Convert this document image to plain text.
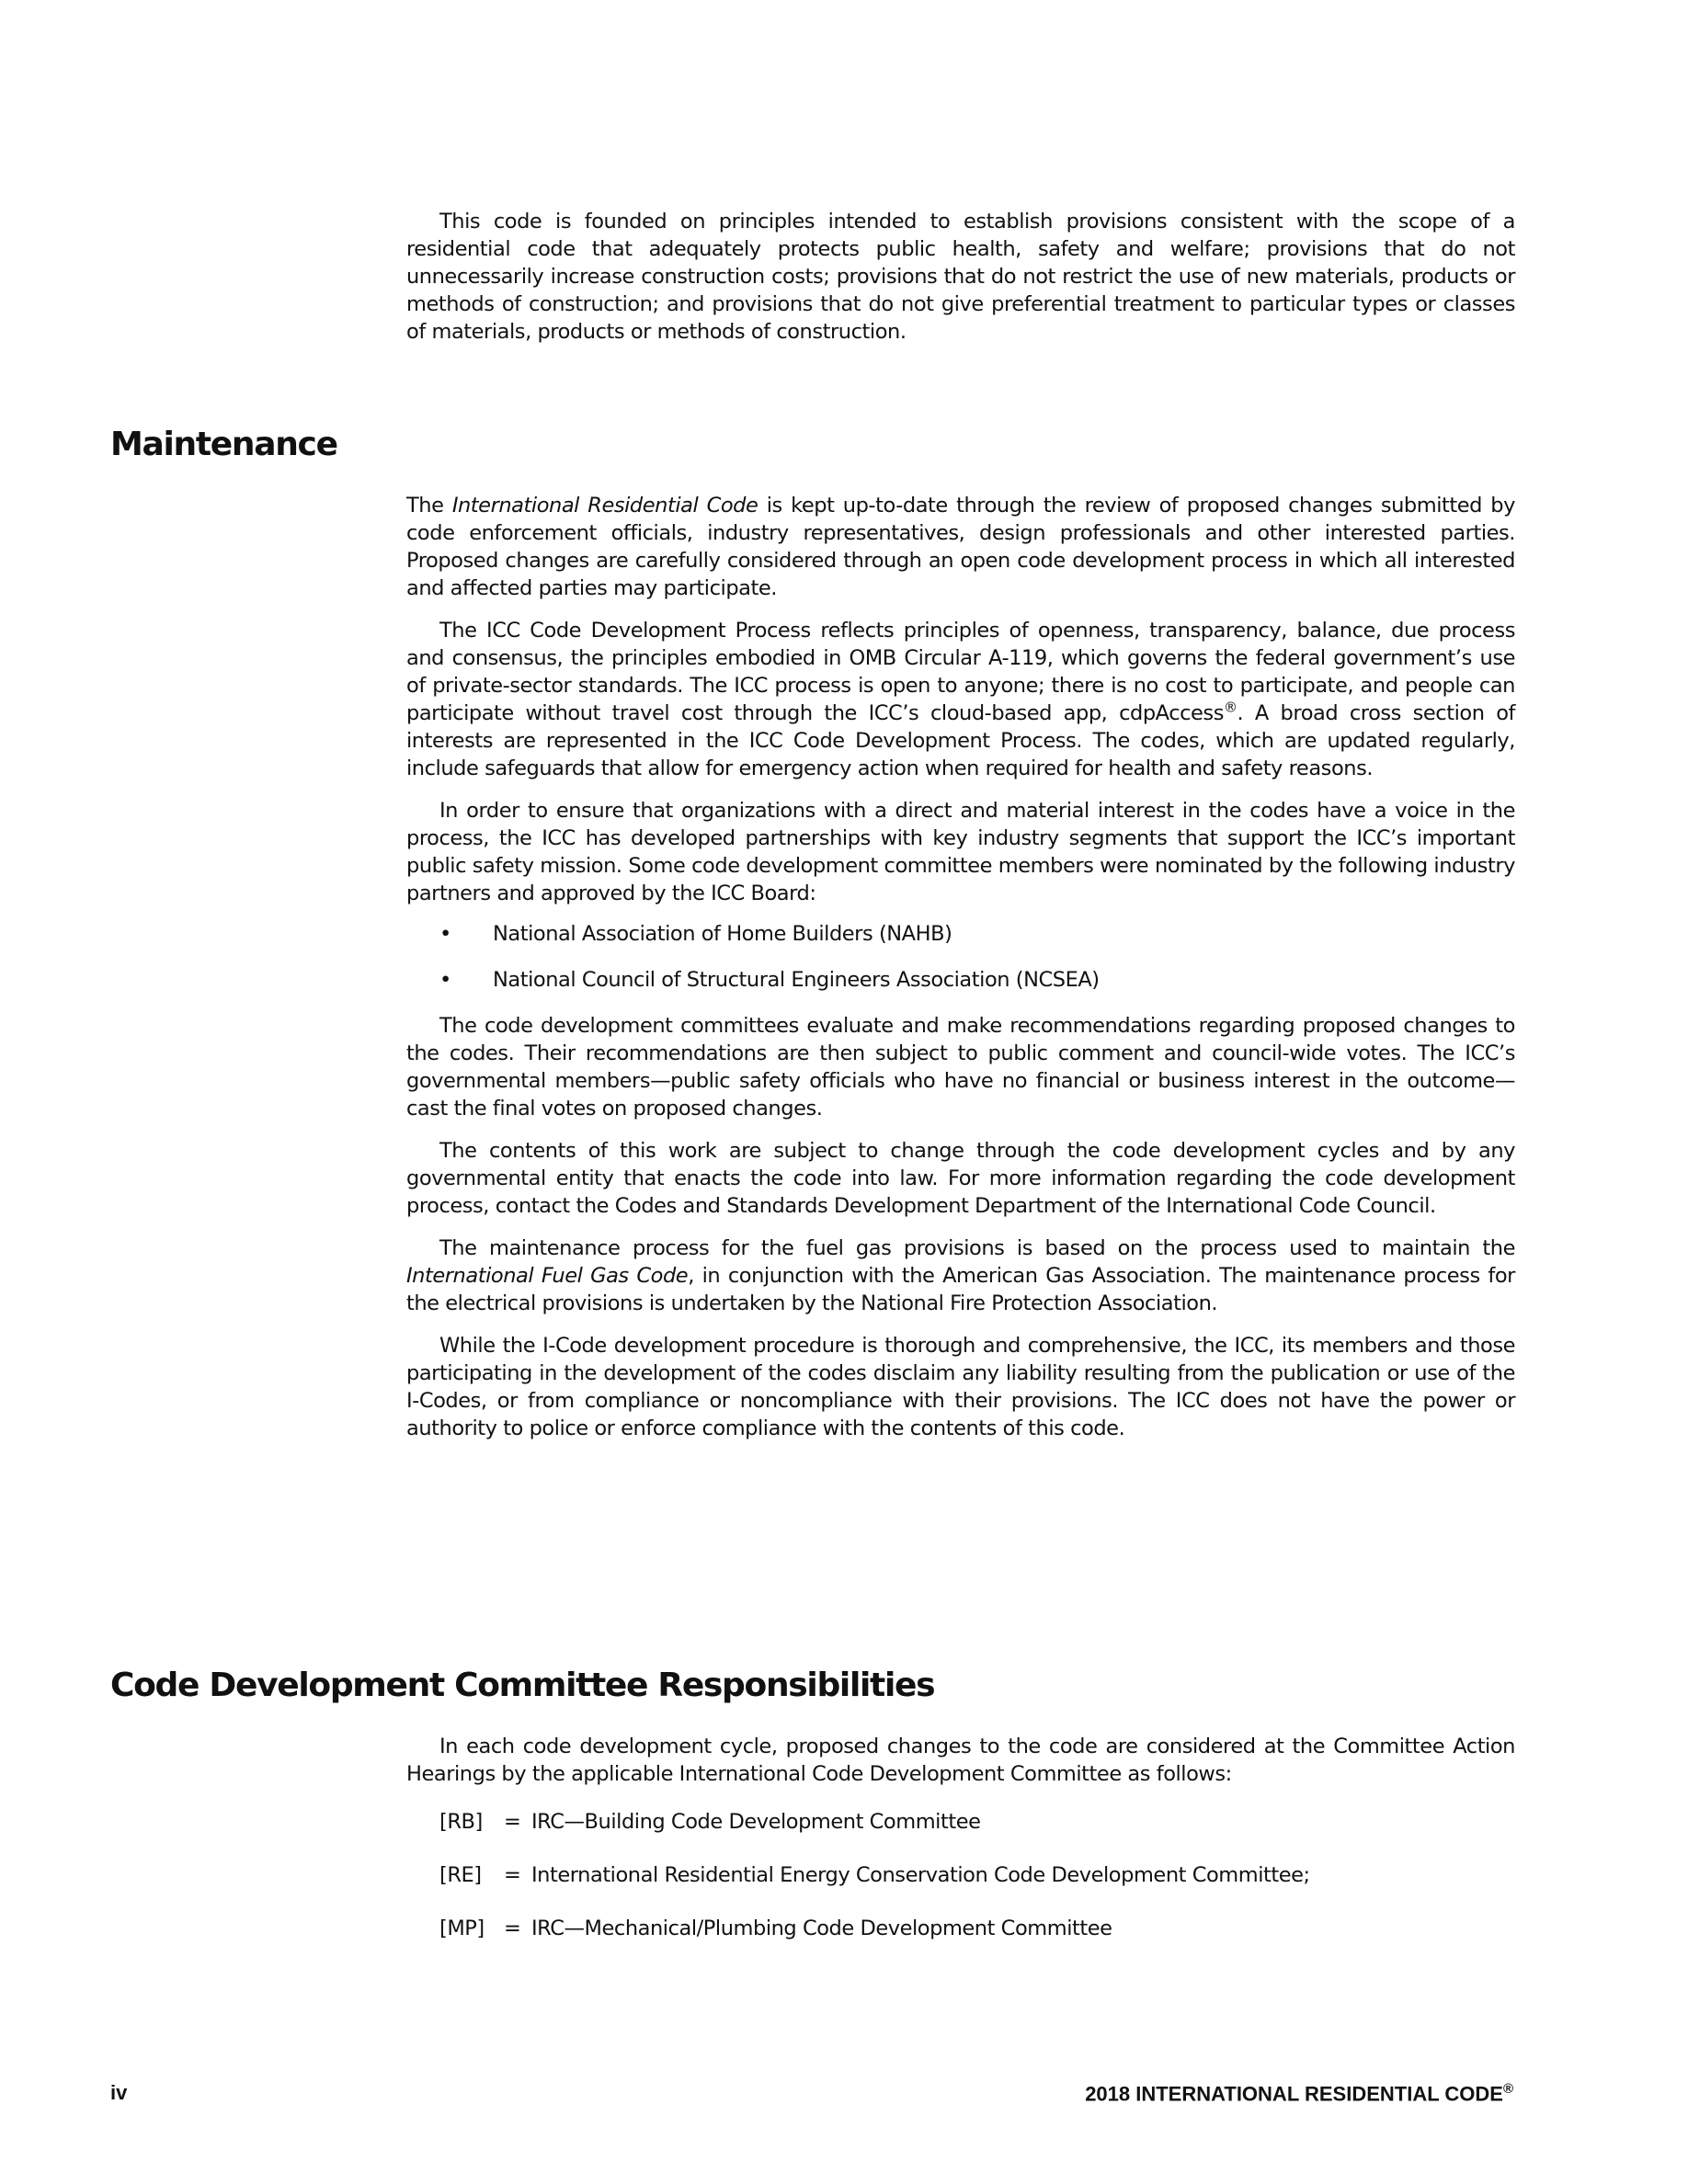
This code is founded on principles intended to establish provisions consistent with the scope of a residential code that adequately protects public health, safety and welfare; provisions that do not unnecessarily increase construction costs; provisions that do not restrict the use of new materials, products or methods of construction; and provisions that do not give preferential treatment to particular types or classes of materials, products or methods of construction.

Maintenance

The International Residential Code is kept up-to-date through the review of proposed changes submitted by code enforcement officials, industry representatives, design professionals and other interested parties. Proposed changes are carefully considered through an open code development process in which all interested and affected parties may participate.

The ICC Code Development Process reflects principles of openness, transparency, balance, due process and consensus, the principles embodied in OMB Circular A-119, which governs the federal government’s use of private-sector standards. The ICC process is open to anyone; there is no cost to participate, and people can participate without travel cost through the ICC’s cloud-based app, cdpAccess®. A broad cross section of interests are represented in the ICC Code Development Process. The codes, which are updated regularly, include safeguards that allow for emergency action when required for health and safety reasons.

In order to ensure that organizations with a direct and material interest in the codes have a voice in the process, the ICC has developed partnerships with key industry segments that support the ICC’s important public safety mission. Some code development committee members were nominated by the following industry partners and approved by the ICC Board:

• National Association of Home Builders (NAHB)
• National Council of Structural Engineers Association (NCSEA)

The code development committees evaluate and make recommendations regarding proposed changes to the codes. Their recommendations are then subject to public comment and council-wide votes. The ICC’s governmental members—public safety officials who have no financial or business interest in the outcome—cast the final votes on proposed changes.

The contents of this work are subject to change through the code development cycles and by any governmental entity that enacts the code into law. For more information regarding the code development process, contact the Codes and Standards Development Department of the International Code Council.

The maintenance process for the fuel gas provisions is based on the process used to maintain the International Fuel Gas Code, in conjunction with the American Gas Association. The maintenance process for the electrical provisions is undertaken by the National Fire Protection Association.

While the I-Code development procedure is thorough and comprehensive, the ICC, its members and those participating in the development of the codes disclaim any liability resulting from the publication or use of the I-Codes, or from compliance or noncompliance with their provisions. The ICC does not have the power or authority to police or enforce compliance with the contents of this code.

Code Development Committee Responsibilities

In each code development cycle, proposed changes to the code are considered at the Committee Action Hearings by the applicable International Code Development Committee as follows:

[RB]	= IRC—Building Code Development Committee
[RE]	= International Residential Energy Conservation Code Development Committee;
[MP] = IRC—Mechanical/Plumbing Code Development Committee
iv	2018 INTERNATIONAL RESIDENTIAL CODE®
